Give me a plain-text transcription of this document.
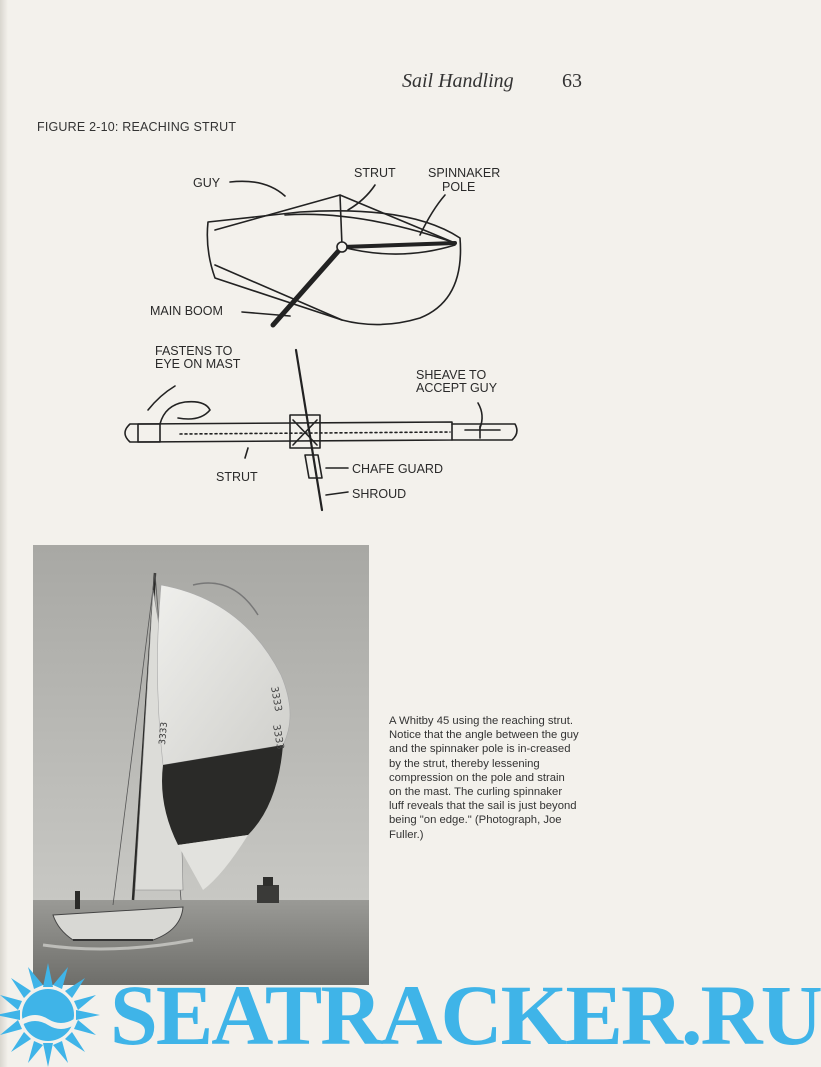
Sail Handling 63
FIGURE 2-10: REACHING STRUT
GUY
STRUT	SPINNAKER
POLE
MAIN BOOM
FASTENS TO
EYE ON MAST
SHEAVE TO
ACCEPT GUY
STRUT
CHAFE GUARD
SHROUD
3333
3333
3333
A Whitby 45 using the reaching strut. Notice that the angle between the guy and the spinnaker pole is in-creased by the strut, thereby lessening compression on the pole and strain on the mast. The curling spinnaker luff reveals that the sail is just beyond being "on edge." (Photograph, Joe Fuller.)
SEATRACKER.RU
